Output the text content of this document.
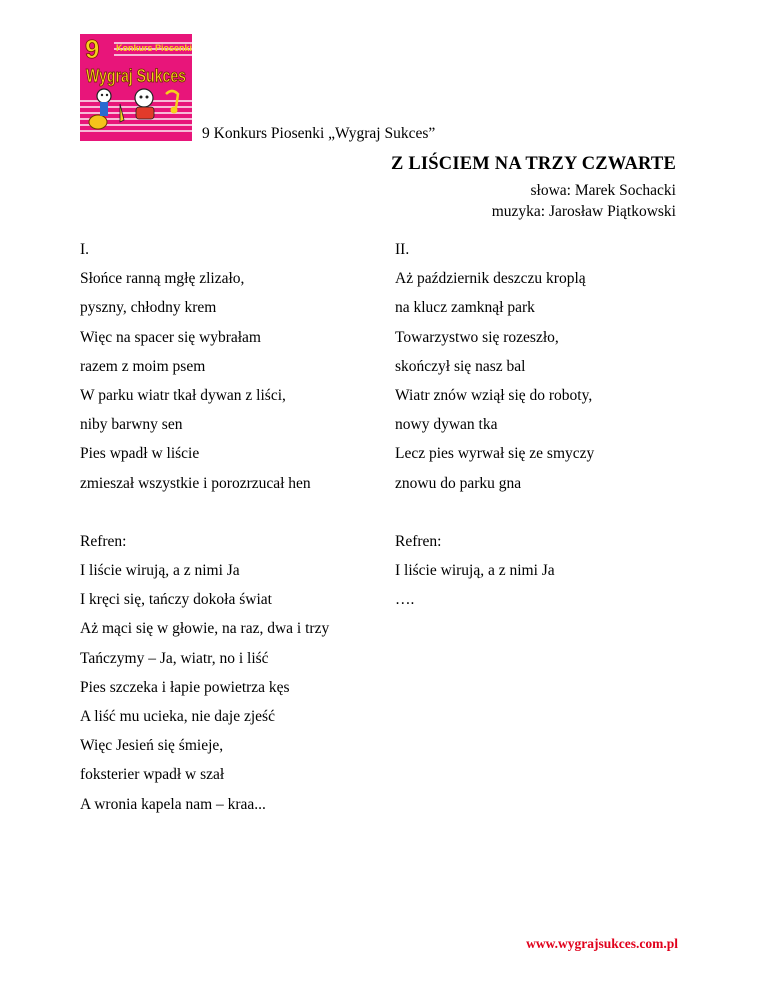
9 Konkurs Piosenki
Wygraj Sukces
9 Konkurs Piosenki „Wygraj Sukces”
Z LIŚCIEM NA TRZY CZWARTE
słowa: Marek Sochacki
muzyka: Jarosław Piątkowski
I.
Słońce ranną mgłę zlizało,
pyszny, chłodny krem
Więc na spacer się wybrałam
razem z moim psem
W parku wiatr tkał dywan z liści,
niby barwny sen
Pies wpadł w liście
zmieszał wszystkie i porozrzucał hen
Refren:
I liście wirują, a z nimi Ja
I kręci się, tańczy dokoła świat
Aż mąci się w głowie, na raz, dwa i trzy
Tańczymy – Ja, wiatr, no i liść
Pies szczeka i łapie powietrza kęs
A liść mu ucieka, nie daje zjeść
Więc Jesień się śmieje,
foksterier wpadł w szał
A wronia kapela nam – kraa...
II.
Aż październik deszczu kroplą
na klucz zamknął park
Towarzystwo się rozeszło,
skończył się nasz bal
Wiatr znów wziął się do roboty,
nowy dywan tka
Lecz pies wyrwał się ze smyczy
znowu do parku gna
Refren:
I liście wirują, a z nimi Ja
….
www.wygrajsukces.com.pl
